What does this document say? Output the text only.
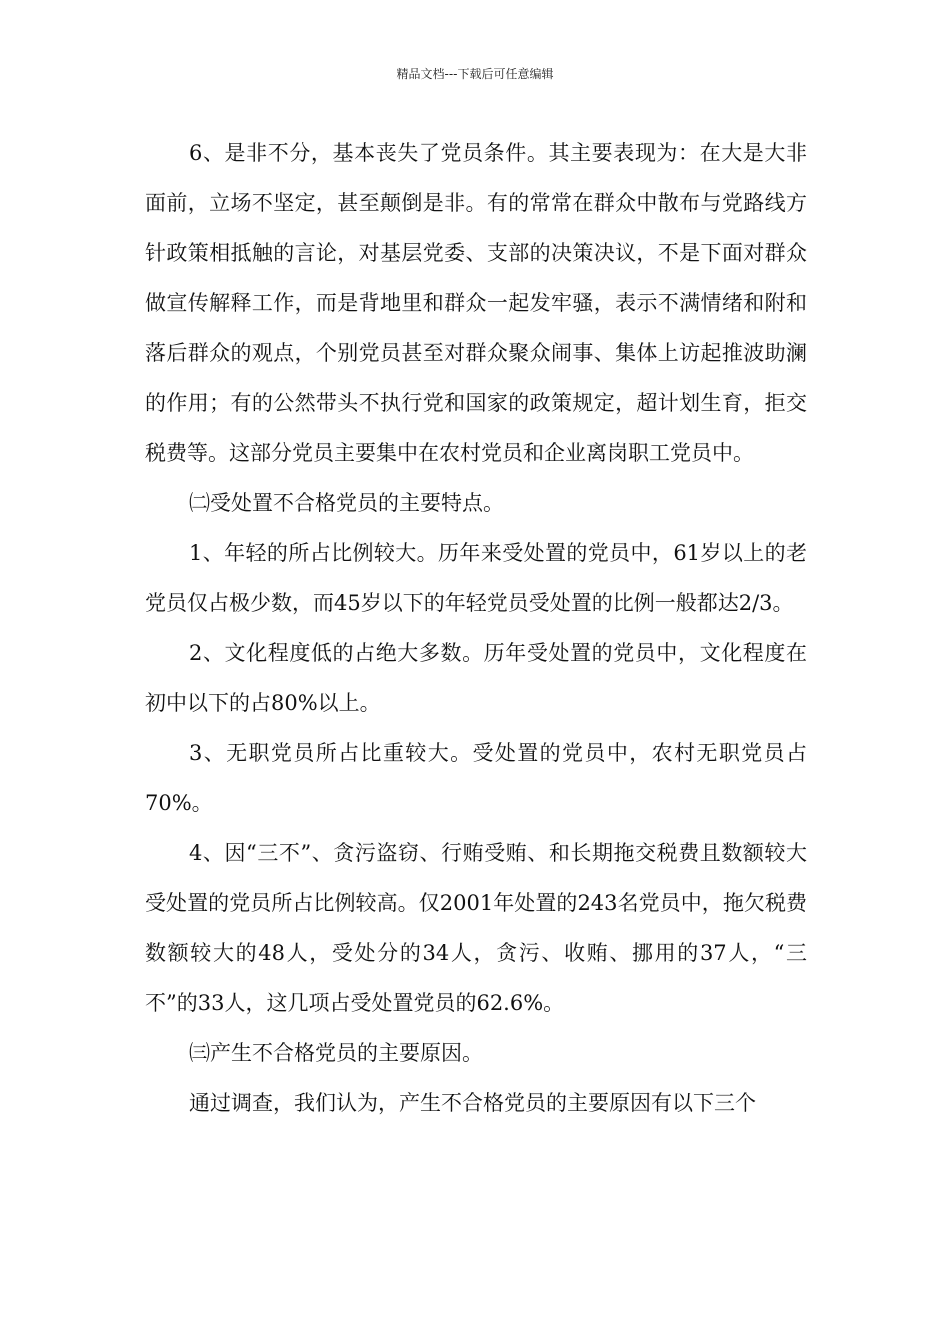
精品文档---下载后可任意编辑

6、是非不分，基本丧失了党员条件。其主要表现为：在大是大非面前，立场不坚定，甚至颠倒是非。有的常常在群众中散布与党路线方针政策相抵触的言论，对基层党委、支部的决策决议，不是下面对群众做宣传解释工作，而是背地里和群众一起发牢骚，表示不满情绪和附和落后群众的观点，个别党员甚至对群众聚众闹事、集体上访起推波助澜的作用；有的公然带头不执行党和国家的政策规定，超计划生育，拒交税费等。这部分党员主要集中在农村党员和企业离岗职工党员中。

㈡受处置不合格党员的主要特点。

1、年轻的所占比例较大。历年来受处置的党员中，61岁以上的老党员仅占极少数，而45岁以下的年轻党员受处置的比例一般都达2/3。

2、文化程度低的占绝大多数。历年受处置的党员中，文化程度在初中以下的占80%以上。

3、无职党员所占比重较大。受处置的党员中，农村无职党员占70%。

4、因“三不”、贪污盗窃、行贿受贿、和长期拖交税费且数额较大受处置的党员所占比例较高。仅2001年处置的243名党员中，拖欠税费数额较大的48人，受处分的34人，贪污、收贿、挪用的37人，“三不”的33人，这几项占受处置党员的62.6%。

㈢产生不合格党员的主要原因。

通过调查，我们认为，产生不合格党员的主要原因有以下三个
